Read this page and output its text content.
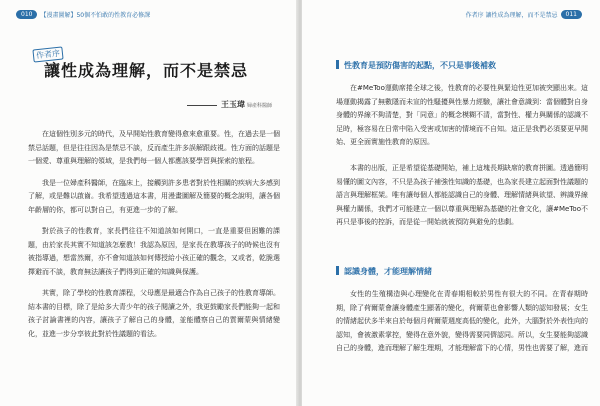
010 【漫畫圖解】50個不怕敢的性教育必修課
作者序
讓性成為理解，而不是禁忌
王玉瑋 婦產科醫師

在這個性別多元的時代，及早開始性教育變得愈來愈重要。性，在過去是一個禁忌話題，但是往往因為是禁忌不談，反而產生許多誤解跟歧視。性方面的話題是一個愛、尊重與理解的領域，是我們每一個人都應該要學習與探索的旅程。

我是一位婦產科醫師，在臨床上，接觸到許多患者對於性相關的疾病大多感到了解，或是難以啟齒。我希望透過這本書，用漫畫圖解及簡要的概念說明，讓各個年齡層的你，都可以對自己，有更進一步的了解。

對於孩子的性教育，家長們往往不知道該如何開口，一直是重要但困難的課題，由於家長其實不知道該怎麼教！我認為原因，是家長在教導孩子的時候也沒有被指導過，想當然爾，亦不會知道該如何傳授給小孩正確的觀念，又或者，乾脆選擇避而不談，教育無法讓孩子們得到正確的知識與保護。

其實，除了學校的性教育課程，父母應是最適合作為自己孩子的性教育導師。結本書的目標，除了是給多大青少年的孩子閱讀之外，我更鼓勵家長們能夠一起和孩子討論書裡的內容，讓孩子了解自己的身體，並能體察自己的質爾蒙與情緒變化，並進一步分享彼此對於性議題的看法。

作者序 讓性成為理解，而不是禁忌 011
性教育是預防傷害的起點，不只是事後補救

在#MeToo運動席捲全球之後，性教育的必要性與緊迫性更加被突顯出來。這場運動揭露了無數隱而未宣的性騷擾與性暴力經驗，讓社會意識到：當個體對自身身體的界線不夠清楚，對「同意」的概念模糊不清，當對性、權力與關係的認識不足時，極容易在日常中陷入受害或加害的情境而不自知。這正是我們必須要更早開始、更全面實施性教育的原因。

本書的出版，正是希望從基礎開始，補上這塊長期缺席的教育拼圖。透過簡明易懂的圖文內容，不只是為孩子補強性知識的基礎，也為家長建立起面對性議題的語言與理解框架。唯有讓每個人都能認識自己的身體、理解情緒與欲望、辨識界線與權力關係，我們才可能建立一個以尊重與理解為基礎的社會文化，讓#MeToo不再只是事後的控訴，而是從一開始就被預防與避免的悲劇。

認識身體，才能理解情緒

女性的生殖構造與心理變化在青春期相較於男性有很大的不同。在青春期時期，除了荷爾蒙會讓身體產生顯著的變化，荷爾蒙也會影響人類的認知發展；女生的情緒起伏多半來自於每個月荷爾蒙週度高低的變化，此外，大腦對於外表性向的認知，會被激素掌控，變得在意外貌，變得需要同儕認同。所以，女生要能夠認識自己的身體，進而理解了解生理期，才能理解當下的心情，男性也需要了解，進而
